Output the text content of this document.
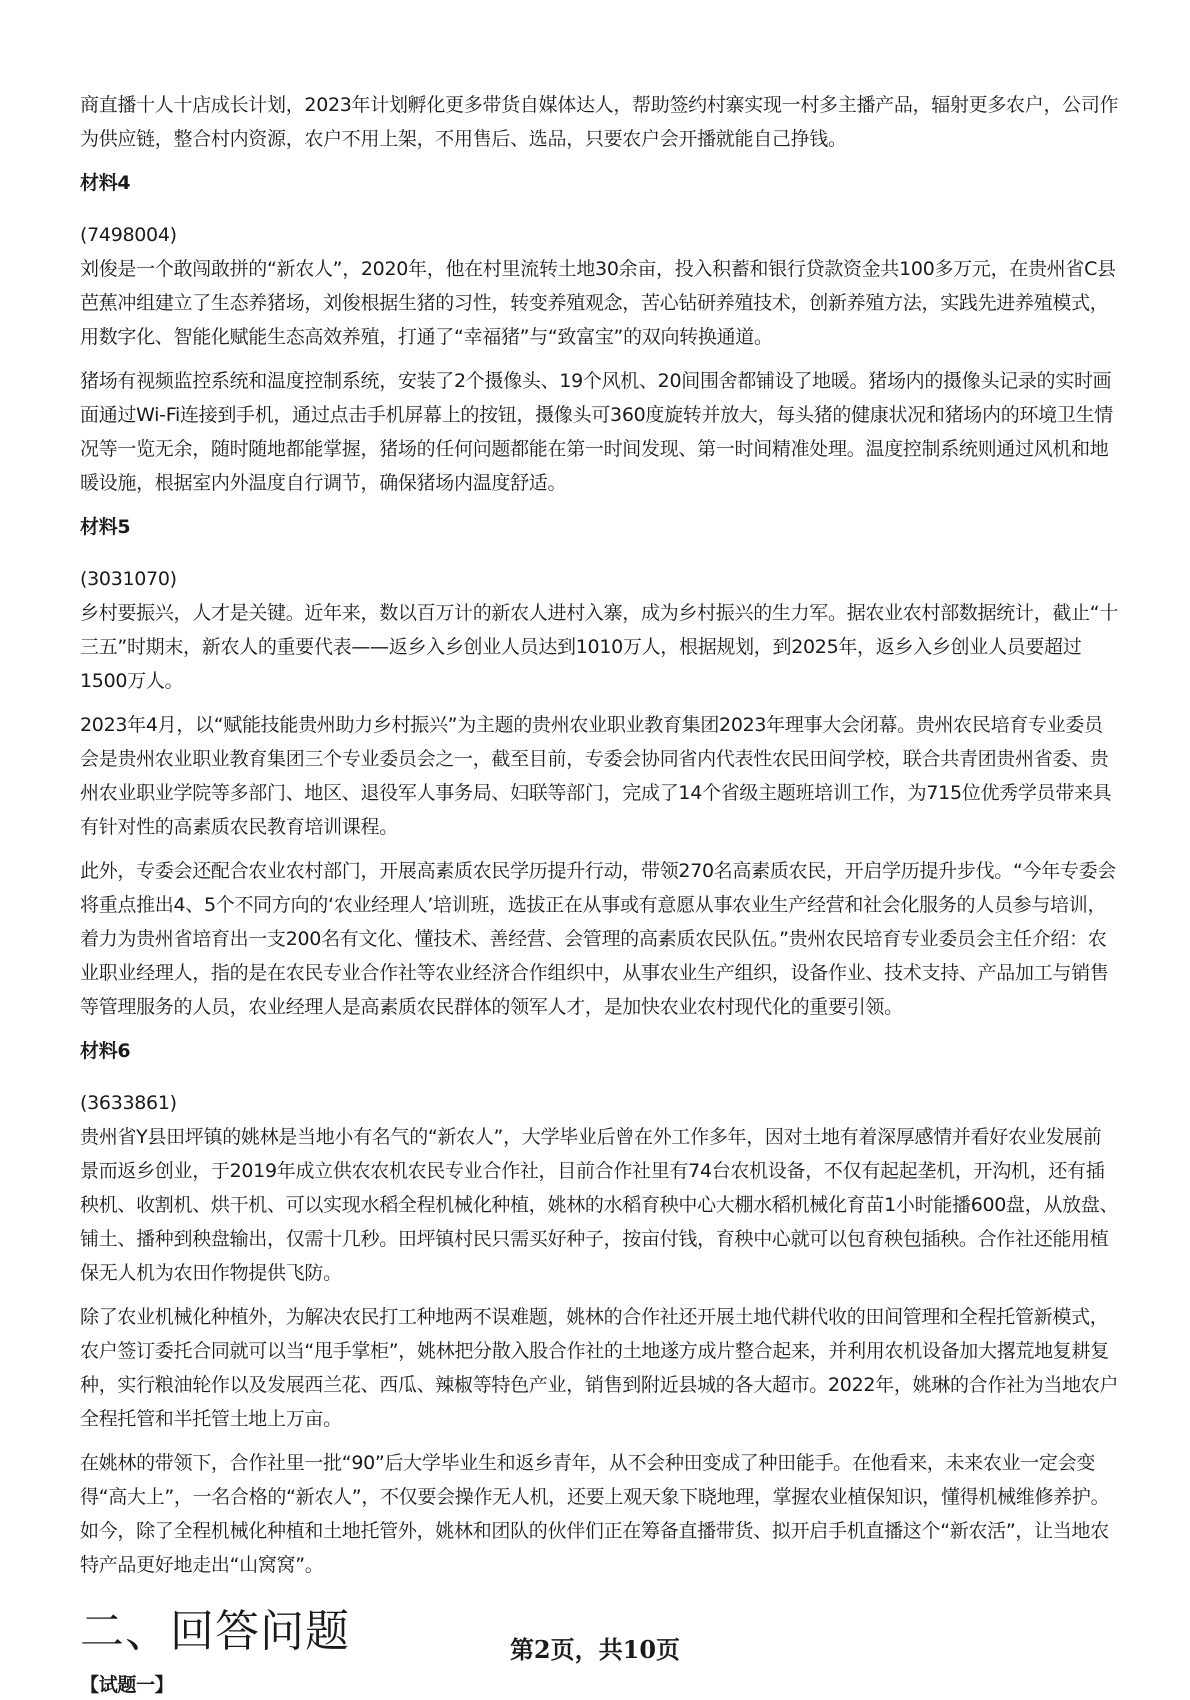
商直播十人十店成长计划，2023年计划孵化更多带货自媒体达人，帮助签约村寨实现一村多主播产品，辐射更多农户，公司作为供应链，整合村内资源，农户不用上架，不用售后、选品，只要农户会开播就能自己挣钱。

材料4

(7498004)

刘俊是一个敢闯敢拼的“新农人”，2020年，他在村里流转土地30余亩，投入积蓄和银行贷款资金共100多万元，在贵州省C县芭蕉冲组建立了生态养猪场，刘俊根据生猪的习性，转变养殖观念，苦心钻研养殖技术，创新养殖方法，实践先进养殖模式，用数字化、智能化赋能生态高效养殖，打通了“幸福猪”与“致富宝”的双向转换通道。

猪场有视频监控系统和温度控制系统，安装了2个摄像头、19个风机、20间围舍都铺设了地暖。猪场内的摄像头记录的实时画面通过Wi-Fi连接到手机，通过点击手机屏幕上的按钮，摄像头可360度旋转并放大，每头猪的健康状况和猪场内的环境卫生情况等一览无余，随时随地都能掌握，猪场的任何问题都能在第一时间发现、第一时间精准处理。温度控制系统则通过风机和地暖设施，根据室内外温度自行调节，确保猪场内温度舒适。

材料5

(3031070)

乡村要振兴，人才是关键。近年来，数以百万计的新农人进村入寨，成为乡村振兴的生力军。据农业农村部数据统计，截止“十三五”时期末，新农人的重要代表——返乡入乡创业人员达到1010万人，根据规划，到2025年，返乡入乡创业人员要超过1500万人。

2023年4月，以“赋能技能贵州助力乡村振兴”为主题的贵州农业职业教育集团2023年理事大会闭幕。贵州农民培育专业委员会是贵州农业职业教育集团三个专业委员会之一，截至目前，专委会协同省内代表性农民田间学校，联合共青团贵州省委、贵州农业职业学院等多部门、地区、退役军人事务局、妇联等部门，完成了14个省级主题班培训工作，为715位优秀学员带来具有针对性的高素质农民教育培训课程。

此外，专委会还配合农业农村部门，开展高素质农民学历提升行动，带领270名高素质农民，开启学历提升步伐。“今年专委会将重点推出4、5个不同方向的‘农业经理人’培训班，选拔正在从事或有意愿从事农业生产经营和社会化服务的人员参与培训，着力为贵州省培育出一支200名有文化、懂技术、善经营、会管理的高素质农民队伍。”贵州农民培育专业委员会主任介绍：农业职业经理人，指的是在农民专业合作社等农业经济合作组织中，从事农业生产组织，设备作业、技术支持、产品加工与销售等管理服务的人员，农业经理人是高素质农民群体的领军人才，是加快农业农村现代化的重要引领。

材料6

(3633861)

贵州省Y县田坪镇的姚林是当地小有名气的“新农人”，大学毕业后曾在外工作多年，因对土地有着深厚感情并看好农业发展前景而返乡创业，于2019年成立供农农机农民专业合作社，目前合作社里有74台农机设备，不仅有起起垄机，开沟机，还有插秧机、收割机、烘干机、可以实现水稻全程机械化种植，姚林的水稻育秧中心大棚水稻机械化育苗1小时能播600盘，从放盘、铺土、播种到秧盘输出，仅需十几秒。田坪镇村民只需买好种子，按亩付钱，育秧中心就可以包育秧包插秧。合作社还能用植保无人机为农田作物提供飞防。

除了农业机械化种植外，为解决农民打工种地两不误难题，姚林的合作社还开展土地代耕代收的田间管理和全程托管新模式，农户签订委托合同就可以当“甩手掌柜”，姚林把分散入股合作社的土地遂方成片整合起来，并利用农机设备加大撂荒地复耕复种，实行粮油轮作以及发展西兰花、西瓜、辣椒等特色产业，销售到附近县城的各大超市。2022年，姚琳的合作社为当地农户全程托管和半托管土地上万亩。

在姚林的带领下，合作社里一批“90”后大学毕业生和返乡青年，从不会种田变成了种田能手。在他看来，未来农业一定会变得“高大上”，一名合格的“新农人”，不仅要会操作无人机，还要上观天象下晓地理，掌握农业植保知识，懂得机械维修养护。如今，除了全程机械化种植和土地托管外，姚林和团队的伙伴们正在筹备直播带货、拟开启手机直播这个“新农活”，让当地农特产品更好地走出“山窝窝”。

二、回答问题

【试题一】

第2页，共10页
